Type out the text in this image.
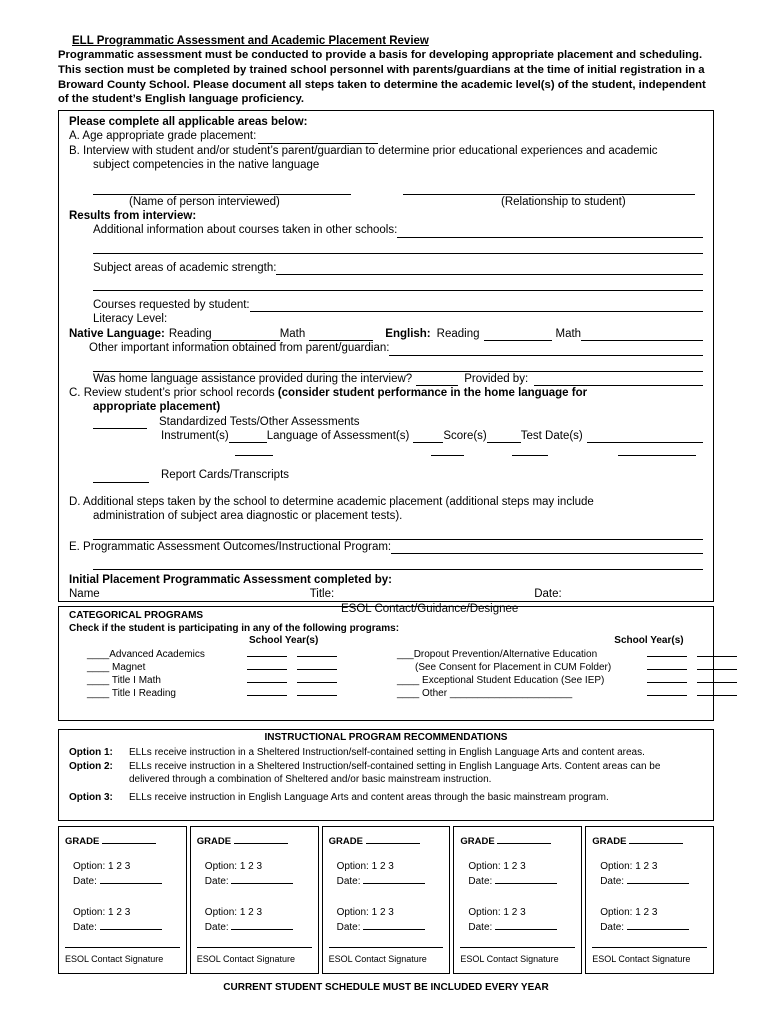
ELL Programmatic Assessment and Academic Placement Review
Programmatic assessment must be conducted to provide a basis for developing appropriate placement and scheduling. This section must be completed by trained school personnel with parents/guardians at the time of initial registration in a Broward County School. Please document all steps taken to determine the academic level(s) of the student, independent of the student’s English language proficiency.
Please complete all applicable areas below:
A. Age appropriate grade placement:
B. Interview with student and/or student’s parent/guardian to determine prior educational experiences and academic
subject competencies in the native language
(Name of person interviewed)	(Relationship to student)
Results from interview:
Additional information about courses taken in other schools:
Subject areas of academic strength:
Courses requested by student:
Literacy Level:
Native Language: Reading	Math	English: Reading	Math
Other important information obtained from parent/guardian:
Was home language assistance provided during the interview?	Provided by:
C. Review student’s prior school records (consider student performance in the home language for
appropriate placement)
Standardized Tests/Other Assessments
Instrument(s)	Language of Assessment(s)	Score(s)	Test Date(s)
Report Cards/Transcripts
D. Additional steps taken by the school to determine academic placement (additional steps may include
administration of subject area diagnostic or placement tests).
E. Programmatic Assessment Outcomes/Instructional Program:
Initial Placement Programmatic Assessment completed by:
Name	Title:	Date:
ESOL Contact/Guidance/Designee
CATEGORICAL PROGRAMS
Check if the student is participating in any of the following programs:
School Year(s)	School Year(s)
____Advanced Academics	___Dropout Prevention/Alternative Education
____ Magnet	(See Consent for Placement in CUM Folder)
____ Title I Math	____ Exceptional Student Education (See IEP)
____ Title I Reading	____ Other ______________________
INSTRUCTIONAL PROGRAM RECOMMENDATIONS
Option 1:	ELLs receive instruction in a Sheltered Instruction/self-contained setting in English Language Arts and content areas.
Option 2:	ELLs receive instruction in a Sheltered Instruction/self-contained setting in English Language Arts. Content areas can be delivered through a combination of Sheltered and/or basic mainstream instruction.
Option 3:	ELLs receive instruction in English Language Arts and content areas through the basic mainstream program.
GRADE
Option: 1 2 3
Date:
Option: 1 2 3
Date:
ESOL Contact Signature
GRADE
Option: 1 2 3
Date:
Option: 1 2 3
Date:
ESOL Contact Signature
GRADE
Option: 1 2 3
Date:
Option: 1 2 3
Date:
ESOL Contact Signature
GRADE
Option: 1 2 3
Date:
Option: 1 2 3
Date:
ESOL Contact Signature
GRADE
Option: 1 2 3
Date:
Option: 1 2 3
Date:
ESOL Contact Signature
CURRENT STUDENT SCHEDULE MUST BE INCLUDED EVERY YEAR
